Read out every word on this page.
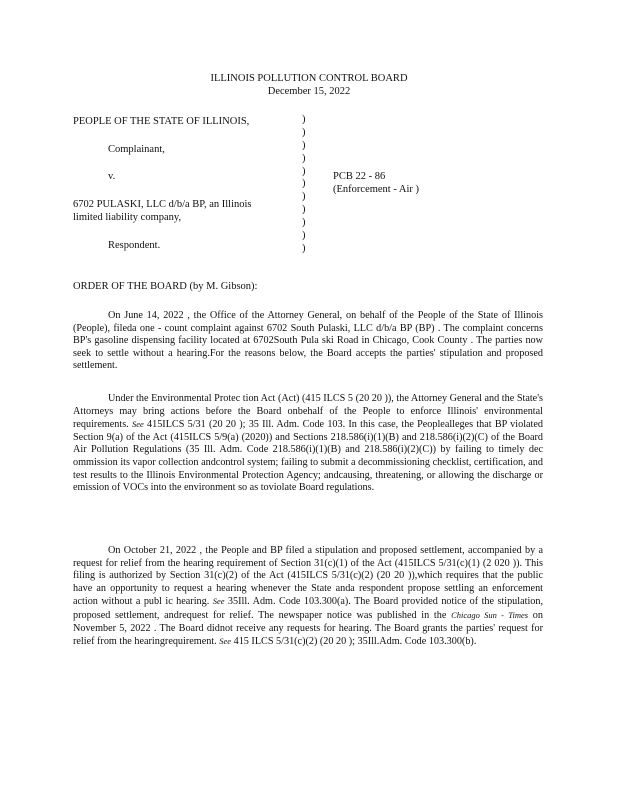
ILLINOIS POLLUTION CONTROL BOARD
December 15, 2022
PEOPLE OF THE STATE OF ILLINOIS,
Complainant,
v.
6702 PULASKI, LLC d/b/a BP, an Illinois
limited liability company,
Respondent.
)
)
)
)
)
)
)
)
)
)
)
PCB 22 - 86
(Enforcement - Air )
ORDER OF THE BOARD (by M. Gibson):

On June 14, 2022 , the Office of the Attorney General, on behalf of the People of the State of Illinois (People), fileda one - count complaint against 6702 South Pulaski, LLC d/b/a BP (BP) . The complaint concerns BP's gasoline dispensing facility located at 6702South Pula ski Road in Chicago, Cook County . The parties now seek to settle without a hearing.For the reasons below, the Board accepts the parties' stipulation and proposed settlement.

Under the Environmental Protec tion Act (Act) (415 ILCS 5 (20 20 )), the Attorney General and the State's Attorneys may bring actions before the Board onbehalf of the People to enforce Illinois' environmental requirements. See 415ILCS 5/31 (20 20 ); 35 Ill. Adm. Code 103. In this case, the Peoplealleges that BP violated Section 9(a) of the Act (415ILCS 5/9(a) (2020)) and Sections 218.586(i)(1)(B) and 218.586(i)(2)(C) of the Board Air Pollution Regulations (35 Ill. Adm. Code 218.586(i)(1)(B) and 218.586(i)(2)(C)) by failing to timely dec ommission its vapor collection andcontrol system; failing to submit a decommissioning checklist, certification, and test results to the Illinois Environmental Protection Agency; andcausing, threatening, or allowing the discharge or emission of VOCs into the environment so as toviolate Board regulations.

On October 21, 2022 , the People and BP filed a stipulation and proposed settlement, accompanied by a request for relief from the hearing requirement of Section 31(c)(1) of the Act (415ILCS 5/31(c)(1) (2 020 )). This filing is authorized by Section 31(c)(2) of the Act (415ILCS 5/31(c)(2) (20 20 )),which requires that the public have an opportunity to request a hearing whenever the State anda respondent propose settling an enforcement action without a publ ic hearing. See 35Ill. Adm. Code 103.300(a). The Board provided notice of the stipulation, proposed settlement, andrequest for relief. The newspaper notice was published in the Chicago Sun - Times on November 5, 2022 . The Board didnot receive any requests for hearing. The Board grants the parties' request for relief from the hearingrequirement. See 415 ILCS 5/31(c)(2) (20 20 ); 35Ill.Adm. Code 103.300(b).
